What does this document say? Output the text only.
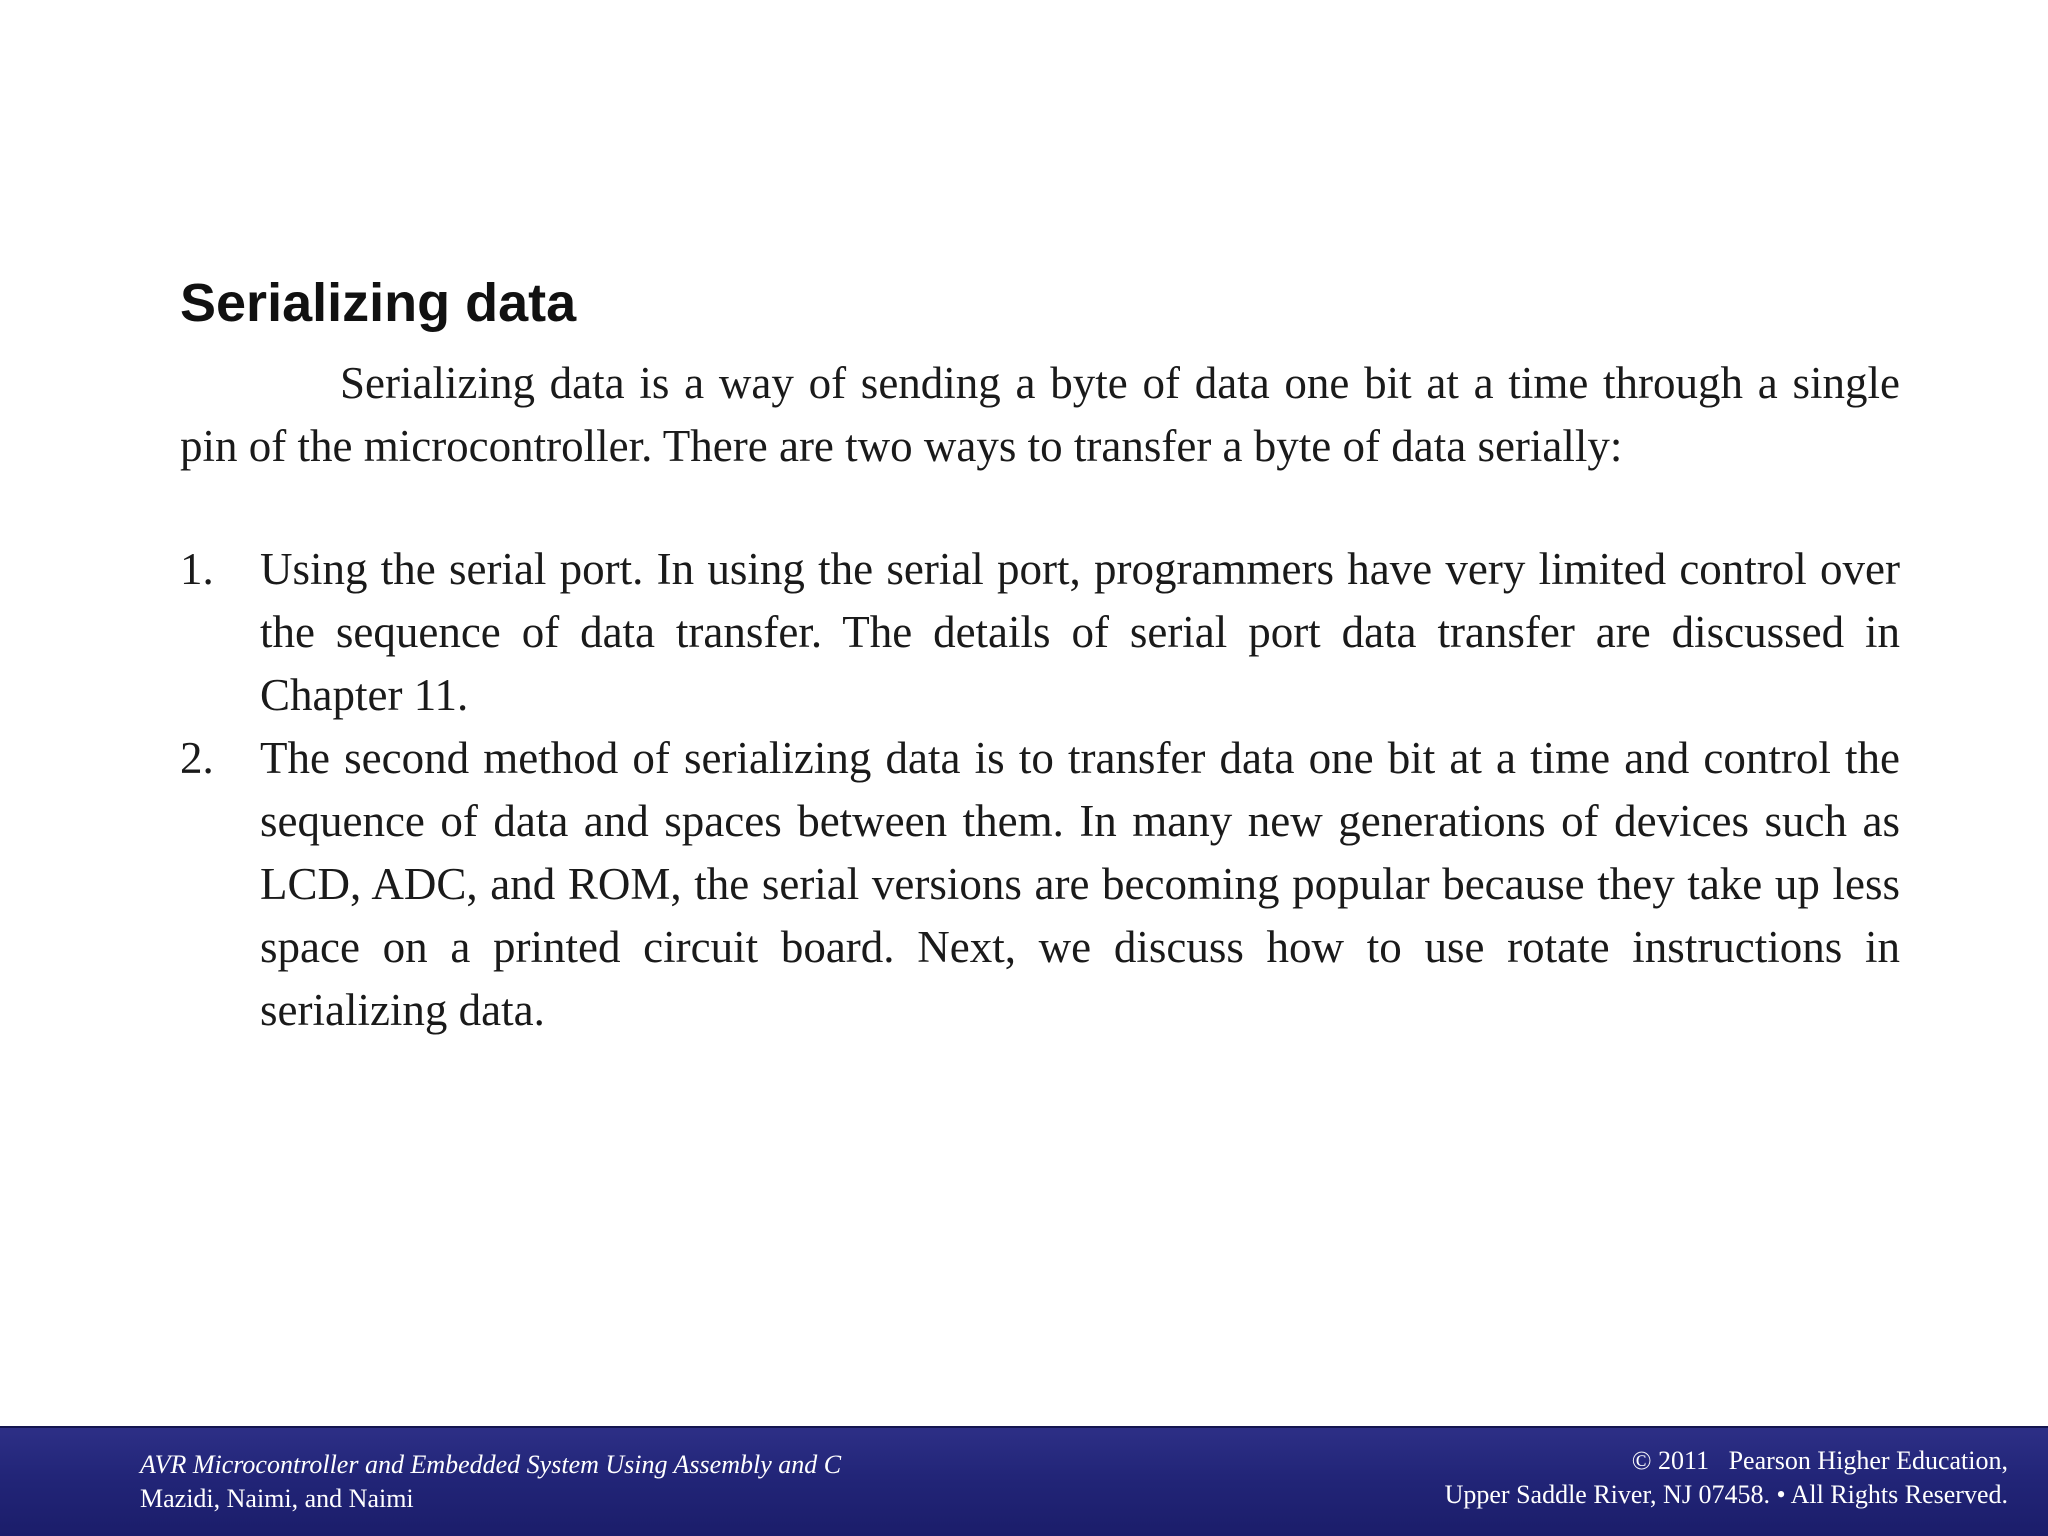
Serializing data

Serializing data is a way of sending a byte of data one bit at a time through a single pin of the microcontroller. There are two ways to transfer a byte of data serially:

1.	Using the serial port. In using the serial port, programmers have very limited control over the sequence of data transfer. The details of serial port data transfer are discussed in Chapter 11.
2.	The second method of serializing data is to transfer data one bit at a time and control the sequence of data and spaces between them. In many new generations of devices such as LCD, ADC, and ROM, the serial versions are becoming popular because they take up less space on a printed circuit board. Next, we discuss how to use rotate instructions in serializing data.
AVR Microcontroller and Embedded System Using Assembly and C
Mazidi, Naimi, and Naimi
© 2011   Pearson Higher Education,
Upper Saddle River, NJ 07458. • All Rights Reserved.
